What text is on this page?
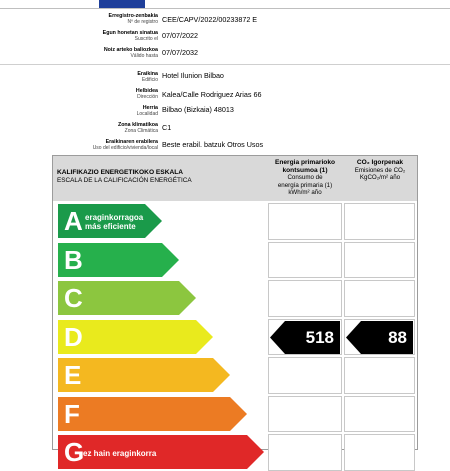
Erregistro-zenbakia
Nº de registro CEE/CAPV/2022/00233872 E
Egun honetan sinatua
Suscrito el 07/07/2022
Noiz arteko baliozkoa
Válido hasta 07/07/2032
Eraikina
Edificio Hotel Ilunion Bilbao
Helbidea
Dirección Kalea/Calle Rodriguez Arias 66
Herria
Localidad Bilbao (Bizkaia) 48013
Zona klimatikoa
Zona Climática C1
Eraikinaren erabilera
Uso del edificio/vivienda/local Beste erabil. batzuk Otros Usos
KALIFIKAZIO ENERGETIKOKO ESKALA
ESCALA DE LA CALIFICACIÓN ENERGÉTICA
Energia primarioko
kontsumoa (1)
Consumo de
energía primaria (1)
kWh/m² año
CO₂ Igorpenak
Emisiones de CO₂
KgCO₂/m² año
518	88
A eraginkorragoa
más eficiente
B
C
D
E
F
G
ez hain eraginkorra
